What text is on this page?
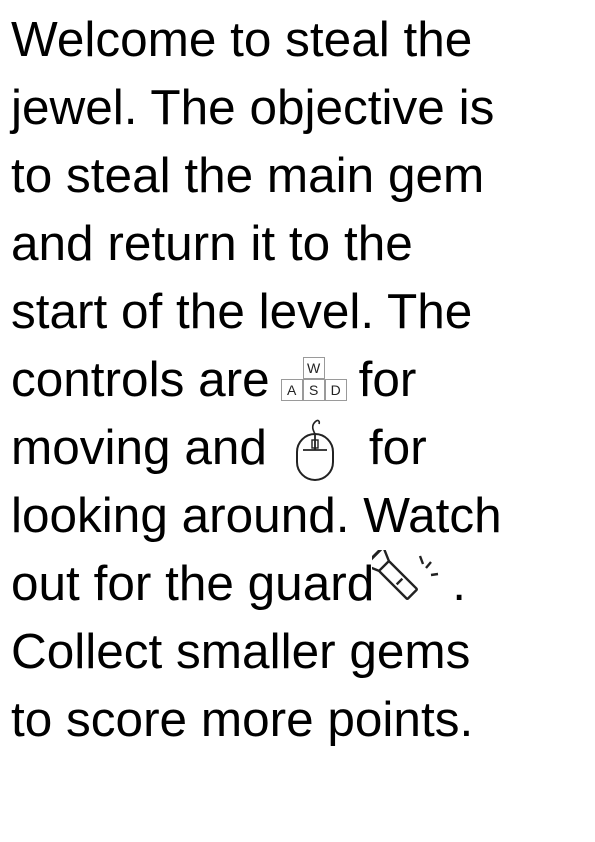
Welcome to steal the
jewel. The objective is
to steal the main gem
and return it to the
start of the level. The
controls are	W
A S D for
moving and for
looking around. Watch
out for the guard .
Collect smaller gems
to score more points.
